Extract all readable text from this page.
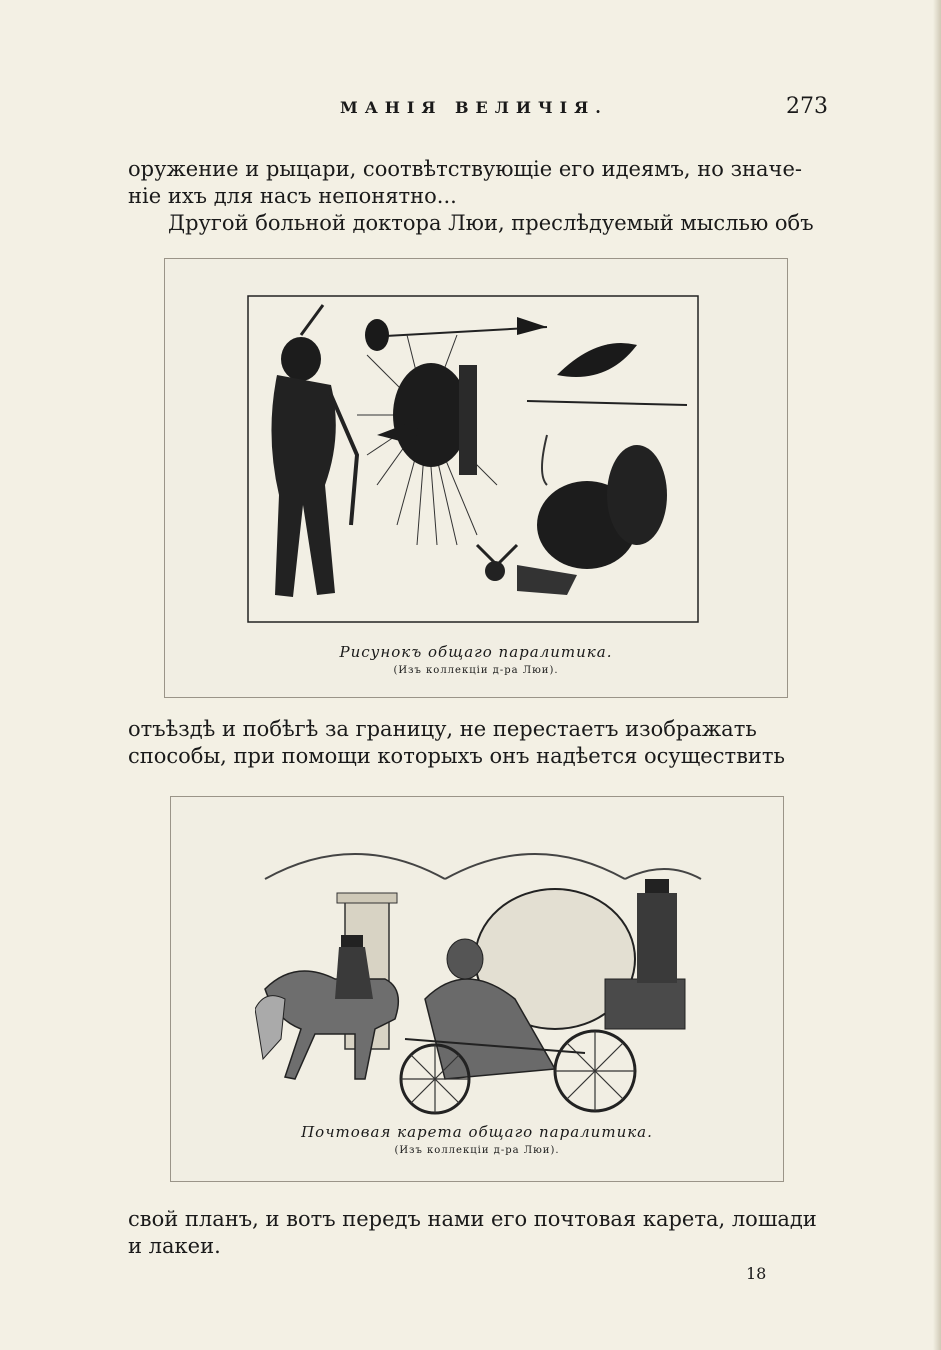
МАНІЯ ВЕЛИЧІЯ.	273

оружение и рыцари, соотвѣтствующіе его идеямъ, но значе-
ніе ихъ для насъ непонятно...

Другой больной доктора Люи, преслѣдуемый мыслью объ

Рисунокъ общаго паралитика.
(Изъ коллекціи д-ра Люи).

отъѣздѣ и побѣгѣ за границу, не перестаетъ изображать
способы, при помощи которыхъ онъ надѣется осуществить

Почтовая карета общаго паралитика.
(Изъ коллекціи д-ра Люи).

свой планъ, и вотъ передъ нами его почтовая карета, лошади
и лакеи.

18
